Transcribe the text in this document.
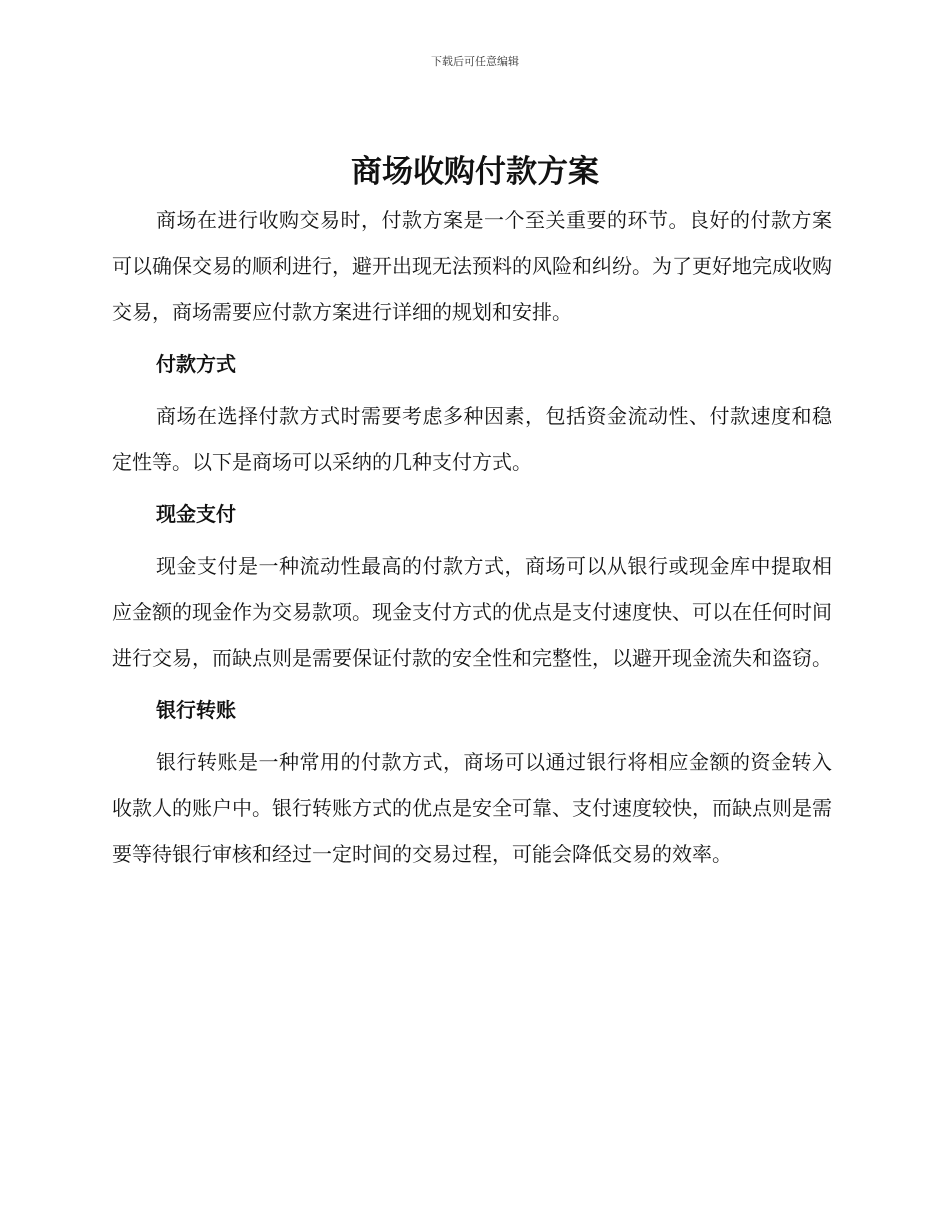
下载后可任意编辑
商场收购付款方案

商场在进行收购交易时，付款方案是一个至关重要的环节。良好的付款方案可以确保交易的顺利进行，避开出现无法预料的风险和纠纷。为了更好地完成收购交易，商场需要应付款方案进行详细的规划和安排。

付款方式

商场在选择付款方式时需要考虑多种因素，包括资金流动性、付款速度和稳定性等。以下是商场可以采纳的几种支付方式。

现金支付

现金支付是一种流动性最高的付款方式，商场可以从银行或现金库中提取相应金额的现金作为交易款项。现金支付方式的优点是支付速度快、可以在任何时间进行交易，而缺点则是需要保证付款的安全性和完整性，以避开现金流失和盗窃。

银行转账

银行转账是一种常用的付款方式，商场可以通过银行将相应金额的资金转入收款人的账户中。银行转账方式的优点是安全可靠、支付速度较快，而缺点则是需要等待银行审核和经过一定时间的交易过程，可能会降低交易的效率。
